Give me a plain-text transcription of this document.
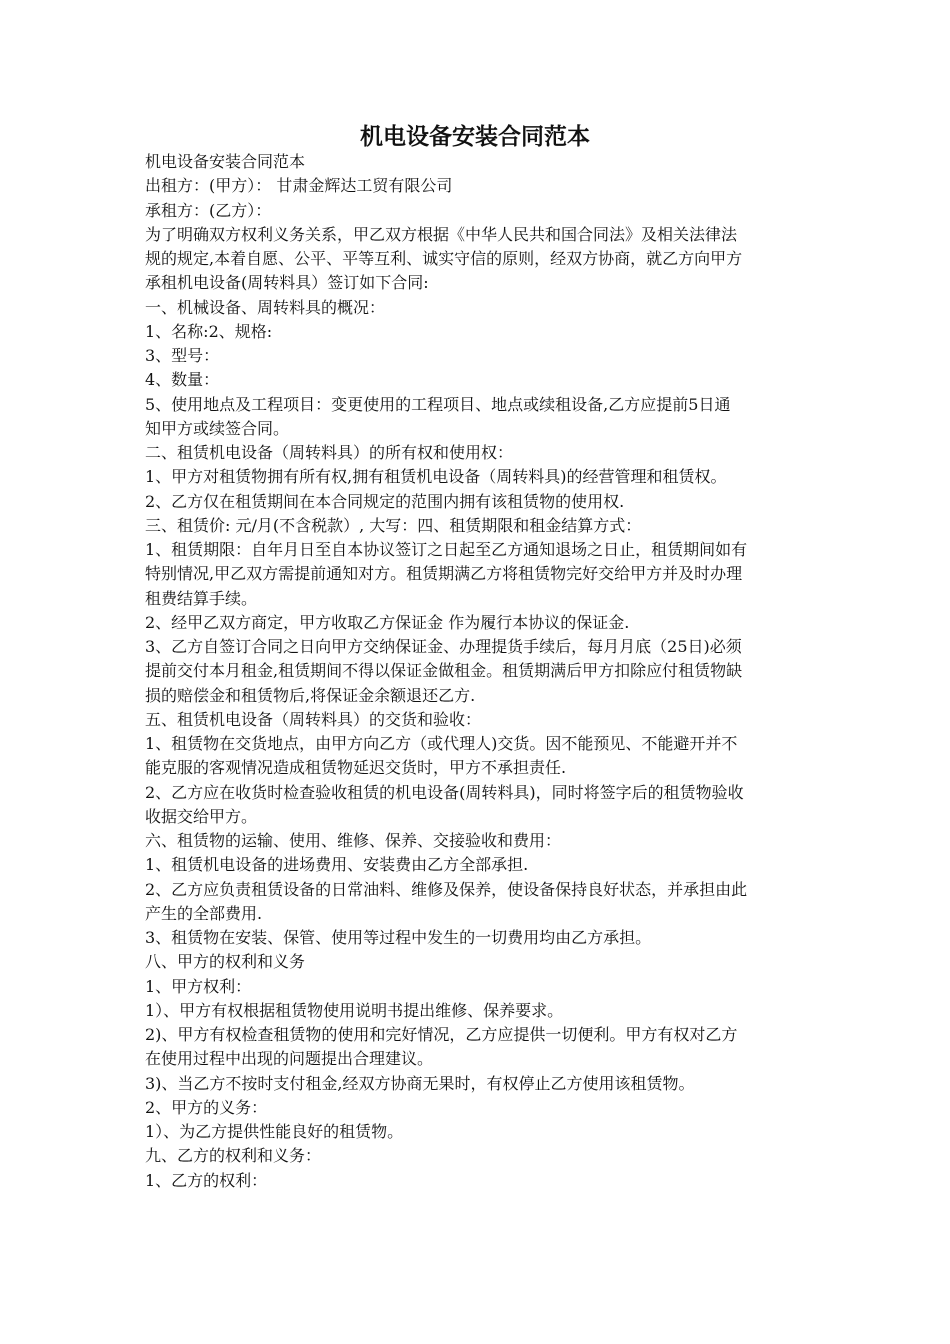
机电设备安装合同范本

机电设备安装合同范本

出租方：(甲方）： 甘肃金辉达工贸有限公司

承租方：(乙方）：

为了明确双方权利义务关系，甲乙双方根据《中华人民共和国合同法》及相关法律法

规的规定,本着自愿、公平、平等互利、诚实守信的原则，经双方协商，就乙方向甲方

承租机电设备(周转料具）签订如下合同:

一、机械设备、周转料具的概况：

1、名称:2、规格:

3、型号：

4、数量：

5、使用地点及工程项目：变更使用的工程项目、地点或续租设备,乙方应提前5日通

知甲方或续签合同。

二、租赁机电设备（周转料具）的所有权和使用权：

1、甲方对租赁物拥有所有权,拥有租赁机电设备（周转料具)的经营管理和租赁权。

2、乙方仅在租赁期间在本合同规定的范围内拥有该租赁物的使用权.

三、租赁价: 元/月(不含税款）, 大写：四、租赁期限和租金结算方式：

1、租赁期限：自年月日至自本协议签订之日起至乙方通知退场之日止，租赁期间如有

特别情况,甲乙双方需提前通知对方。租赁期满乙方将租赁物完好交给甲方并及时办理

租费结算手续。

2、经甲乙双方商定，甲方收取乙方保证金 作为履行本协议的保证金.

3、乙方自签订合同之日向甲方交纳保证金、办理提货手续后，每月月底（25日)必须

提前交付本月租金,租赁期间不得以保证金做租金。租赁期满后甲方扣除应付租赁物缺

损的赔偿金和租赁物后,将保证金余额退还乙方.

五、租赁机电设备（周转料具）的交货和验收：

1、租赁物在交货地点，由甲方向乙方（或代理人)交货。因不能预见、不能避开并不

能克服的客观情况造成租赁物延迟交货时，甲方不承担责任.

2、乙方应在收货时检查验收租赁的机电设备(周转料具)，同时将签字后的租赁物验收

收据交给甲方。

六、租赁物的运输、使用、维修、保养、交接验收和费用：

1、租赁机电设备的进场费用、安装费由乙方全部承担.

2、乙方应负责租赁设备的日常油料、维修及保养，使设备保持良好状态，并承担由此

产生的全部费用.

3、租赁物在安装、保管、使用等过程中发生的一切费用均由乙方承担。

八、甲方的权利和义务

1、甲方权利：

1）、甲方有权根据租赁物使用说明书提出维修、保养要求。

2)、甲方有权检查租赁物的使用和完好情况，乙方应提供一切便利。甲方有权对乙方

在使用过程中出现的问题提出合理建议。

3)、当乙方不按时支付租金,经双方协商无果时，有权停止乙方使用该租赁物。

2、甲方的义务：

1）、为乙方提供性能良好的租赁物。

九、乙方的权利和义务：

1、乙方的权利：
